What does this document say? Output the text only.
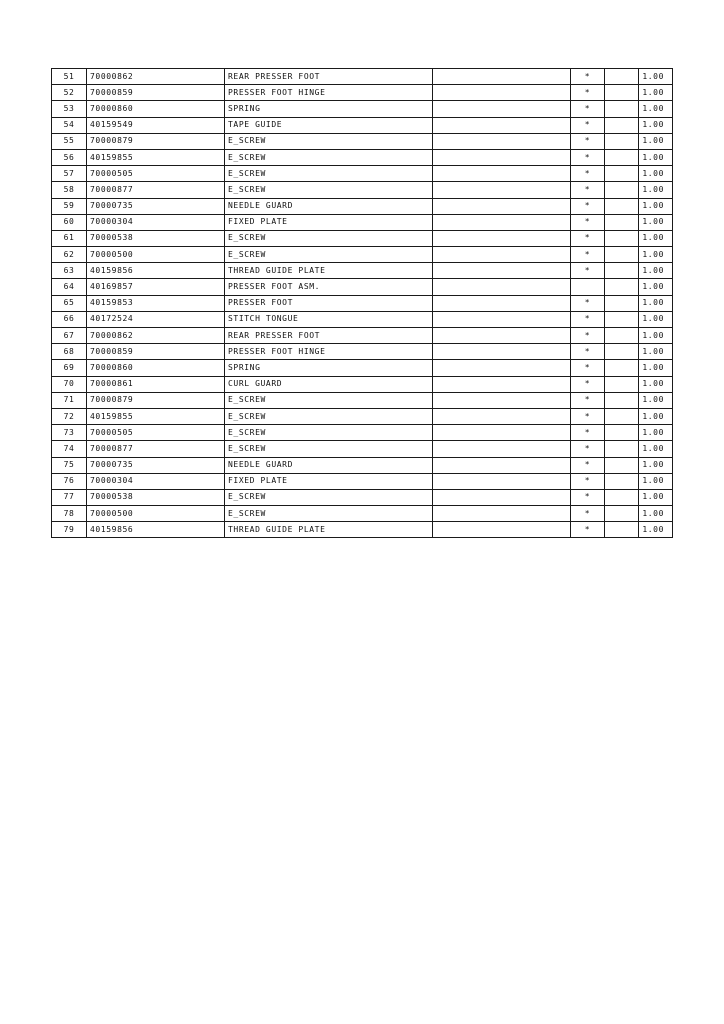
51	70000862	REAR PRESSER FOOT		*		1.00
52	70000859	PRESSER FOOT HINGE		*		1.00
53	70000860	SPRING		*		1.00
54	40159549	TAPE GUIDE		*		1.00
55	70000879	E_SCREW		*		1.00
56	40159855	E_SCREW		*		1.00
57	70000505	E_SCREW		*		1.00
58	70000877	E_SCREW		*		1.00
59	70000735	NEEDLE GUARD		*		1.00
60	70000304	FIXED PLATE		*		1.00
61	70000538	E_SCREW		*		1.00
62	70000500	E_SCREW		*		1.00
63	40159856	THREAD GUIDE PLATE		*		1.00
64	40169857	PRESSER FOOT ASM.				1.00
65	40159853	PRESSER FOOT		*		1.00
66	40172524	STITCH TONGUE		*		1.00
67	70000862	REAR PRESSER FOOT		*		1.00
68	70000859	PRESSER FOOT HINGE		*		1.00
69	70000860	SPRING		*		1.00
70	70000861	CURL GUARD		*		1.00
71	70000879	E_SCREW		*		1.00
72	40159855	E_SCREW		*		1.00
73	70000505	E_SCREW		*		1.00
74	70000877	E_SCREW		*		1.00
75	70000735	NEEDLE GUARD		*		1.00
76	70000304	FIXED PLATE		*		1.00
77	70000538	E_SCREW		*		1.00
78	70000500	E_SCREW		*		1.00
79	40159856	THREAD GUIDE PLATE		*		1.00
